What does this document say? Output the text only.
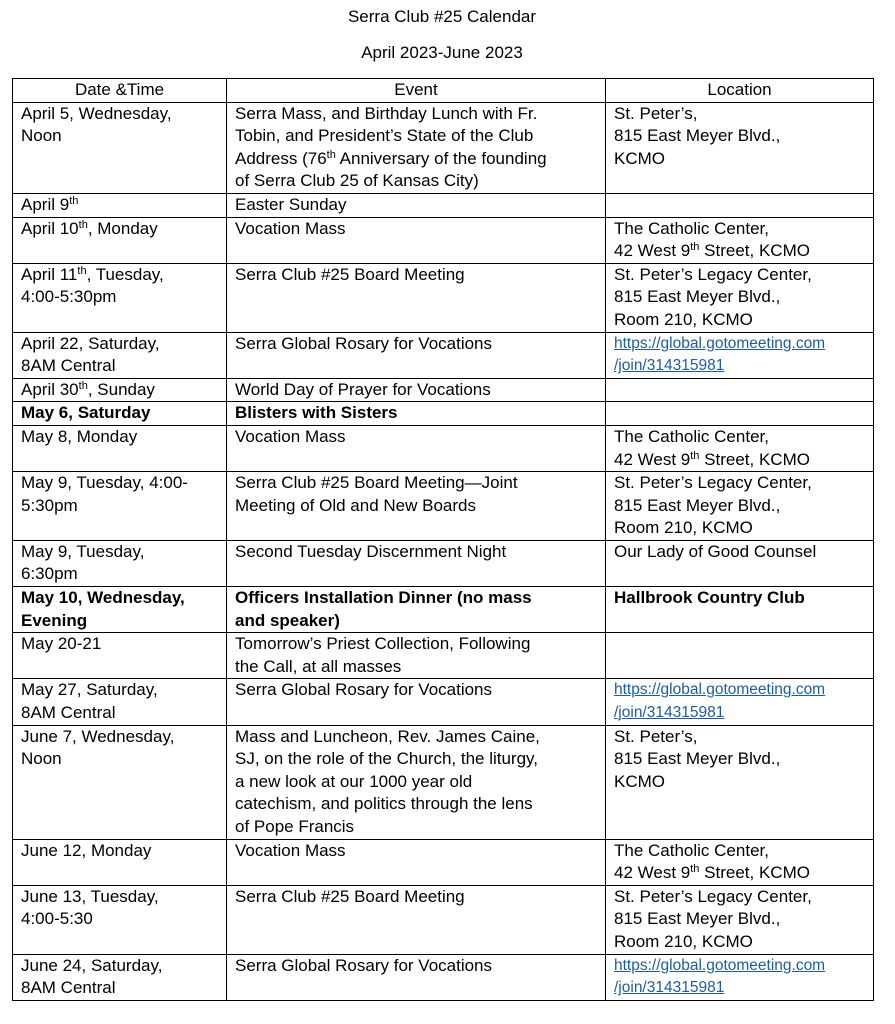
Serra Club #25 Calendar
April 2023-June 2023
Date &Time	Event	Location

April 5, Wednesday,
Noon	Serra Mass, and Birthday Lunch with Fr.
Tobin, and President’s State of the Club
Address (76th Anniversary of the founding
of Serra Club 25 of Kansas City)	St. Peter’s,
815 East Meyer Blvd.,
KCMO

April 9th	Easter Sunday	

April 10th, Monday	Vocation Mass	The Catholic Center,
42 West 9th Street, KCMO

April 11th, Tuesday,
4:00-5:30pm	Serra Club #25 Board Meeting	St. Peter’s Legacy Center,
815 East Meyer Blvd.,
Room 210, KCMO

April 22, Saturday,
8AM Central	Serra Global Rosary for Vocations	https://global.gotomeeting.com
/join/314315981

April 30th, Sunday	World Day of Prayer for Vocations	

May 6, Saturday	Blisters with Sisters	

May 8, Monday	Vocation Mass	The Catholic Center,
42 West 9th Street, KCMO

May 9, Tuesday, 4:00-
5:30pm	Serra Club #25 Board Meeting—Joint
Meeting of Old and New Boards	St. Peter’s Legacy Center,
815 East Meyer Blvd.,
Room 210, KCMO

May 9, Tuesday,
6:30pm	Second Tuesday Discernment Night	Our Lady of Good Counsel

May 10, Wednesday,
Evening	Officers Installation Dinner (no mass
and speaker)	Hallbrook Country Club

May 20-21	Tomorrow’s Priest Collection, Following
the Call, at all masses	

May 27, Saturday,
8AM Central	Serra Global Rosary for Vocations	https://global.gotomeeting.com
/join/314315981

June 7, Wednesday,
Noon	Mass and Luncheon, Rev. James Caine,
SJ, on the role of the Church, the liturgy,
a new look at our 1000 year old
catechism, and politics through the lens
of Pope Francis	St. Peter’s,
815 East Meyer Blvd.,
KCMO

June 12, Monday	Vocation Mass	The Catholic Center,
42 West 9th Street, KCMO

June 13, Tuesday,
4:00-5:30	Serra Club #25 Board Meeting	St. Peter’s Legacy Center,
815 East Meyer Blvd.,
Room 210, KCMO

June 24, Saturday,
8AM Central	Serra Global Rosary for Vocations	https://global.gotomeeting.com
/join/314315981
